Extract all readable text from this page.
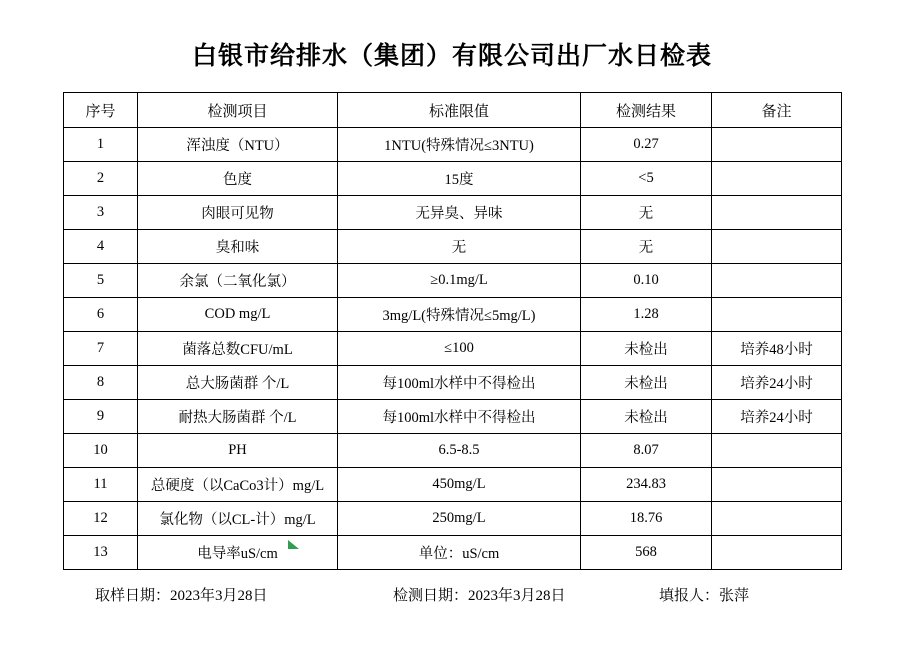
白银市给排水（集团）有限公司出厂水日检表
序号	检测项目	标准限值	检测结果	备注
1	浑浊度（NTU）	1NTU(特殊情况≤3NTU)	0.27	
2	色度	15度	<5	
3	肉眼可见物	无异臭、异味	无	
4	臭和味	无	无	
5	余氯（二氧化氯）	≥0.1mg/L	0.10	
6	COD mg/L	3mg/L(特殊情况≤5mg/L)	1.28	
7	菌落总数CFU/mL	≤100	未检出	培养48小时
8	总大肠菌群 个/L	每100ml水样中不得检出	未检出	培养24小时
9	耐热大肠菌群 个/L	每100ml水样中不得检出	未检出	培养24小时
10	PH	6.5-8.5	8.07	
11	总硬度（以CaCo3计）mg/L	450mg/L	234.83	
12	氯化物（以CL-计）mg/L	250mg/L	18.76	
13	电导率uS/cm	单位：uS/cm	568	
取样日期：2023年3月28日	检测日期：2023年3月28日	填报人：张萍
